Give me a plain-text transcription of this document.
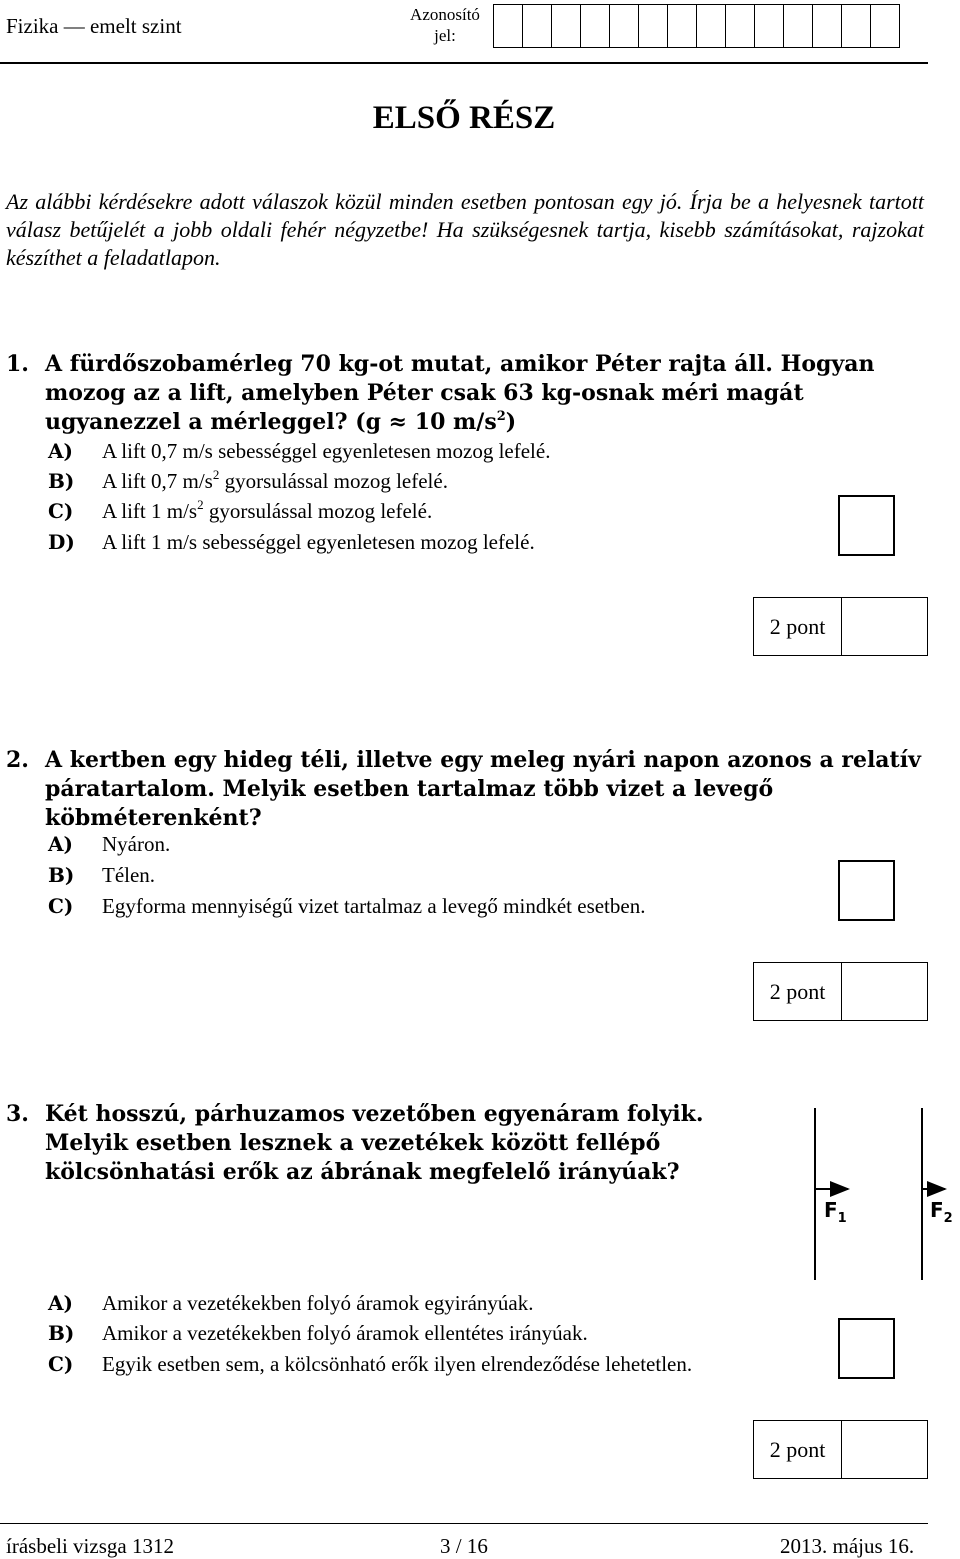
Fizika — emelt szint	Azonosító
jel:
ELSŐ RÉSZ
Az alábbi kérdésekre adott válaszok közül minden esetben pontosan egy jó. Írja be a helyesnek tartott válasz betűjelét a jobb oldali fehér négyzetbe! Ha szükségesnek tartja, kisebb számításokat, rajzokat készíthet a feladatlapon.
1. A fürdőszobamérleg 70 kg-ot mutat, amikor Péter rajta áll. Hogyan mozog az a lift, amelyben Péter csak 63 kg-osnak méri magát ugyanezzel a mérleggel? (g ≈ 10 $m/s^2$)
A) A lift 0,7 m/s sebességgel egyenletesen mozog lefelé.
B) A lift 0,7 $m/s^2$ gyorsulással mozog lefelé.
C) A lift 1 $m/s^2$ gyorsulással mozog lefelé.
D) A lift 1 m/s sebességgel egyenletesen mozog lefelé.
2 pont
2. A kertben egy hideg téli, illetve egy meleg nyári napon azonos a relatív páratartalom. Melyik esetben tartalmaz több vizet a levegő köbméterenként?
A) Nyáron.
B) Télen.
C) Egyforma mennyiségű vizet tartalmaz a levegő mindkét esetben.
2 pont
3. Két hosszú, párhuzamos vezetőben egyenáram folyik. Melyik esetben lesznek a vezetékek között fellépő kölcsönhatási erők az ábrának megfelelő irányúak?
$F_1$	$F_2$
A) Amikor a vezetékekben folyó áramok egyirányúak.
B) Amikor a vezetékekben folyó áramok ellentétes irányúak.
C) Egyik esetben sem, a kölcsönható erők ilyen elrendeződése lehetetlen.
2 pont
írásbeli vizsga 1312	3 / 16	2013. május 16.
